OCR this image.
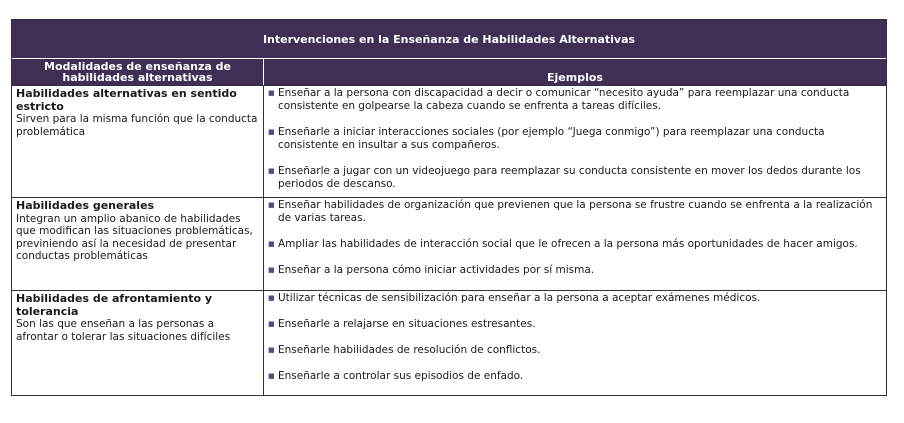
Intervenciones en la Enseñanza de Habilidades Alternativas
Modalidades de enseñanza de habilidades alternativas	Ejemplos
Habilidades alternativas en sentido estricto
Sirven para la misma función que la conducta problemática
■ Enseñar a la persona con discapacidad a decir o comunicar “necesito ayuda” para reemplazar una conducta consistente en golpearse la cabeza cuando se enfrenta a tareas difíciles.
■ Enseñarle a iniciar interacciones sociales (por ejemplo “Juega conmigo”) para reemplazar una conducta consistente en insultar a sus compañeros.
■ Enseñarle a jugar con un videojuego para reemplazar su conducta consistente en mover los dedos durante los periodos de descanso.
Habilidades generales
Integran un amplio abanico de habilidades que modifican las situaciones problemáticas, previniendo así la necesidad de presentar conductas problemáticas
■ Enseñar habilidades de organización que previenen que la persona se frustre cuando se enfrenta a la realización de varias tareas.
■ Ampliar las habilidades de interacción social que le ofrecen a la persona más oportunidades de hacer amigos.
■ Enseñar a la persona cómo iniciar actividades por sí misma.
Habilidades de afrontamiento y tolerancia
Son las que enseñan a las personas a afrontar o tolerar las situaciones difíciles
■ Utilizar técnicas de sensibilización para enseñar a la persona a aceptar exámenes médicos.
■ Enseñarle a relajarse en situaciones estresantes.
■ Enseñarle habilidades de resolución de conflictos.
■ Enseñarle a controlar sus episodios de enfado.
